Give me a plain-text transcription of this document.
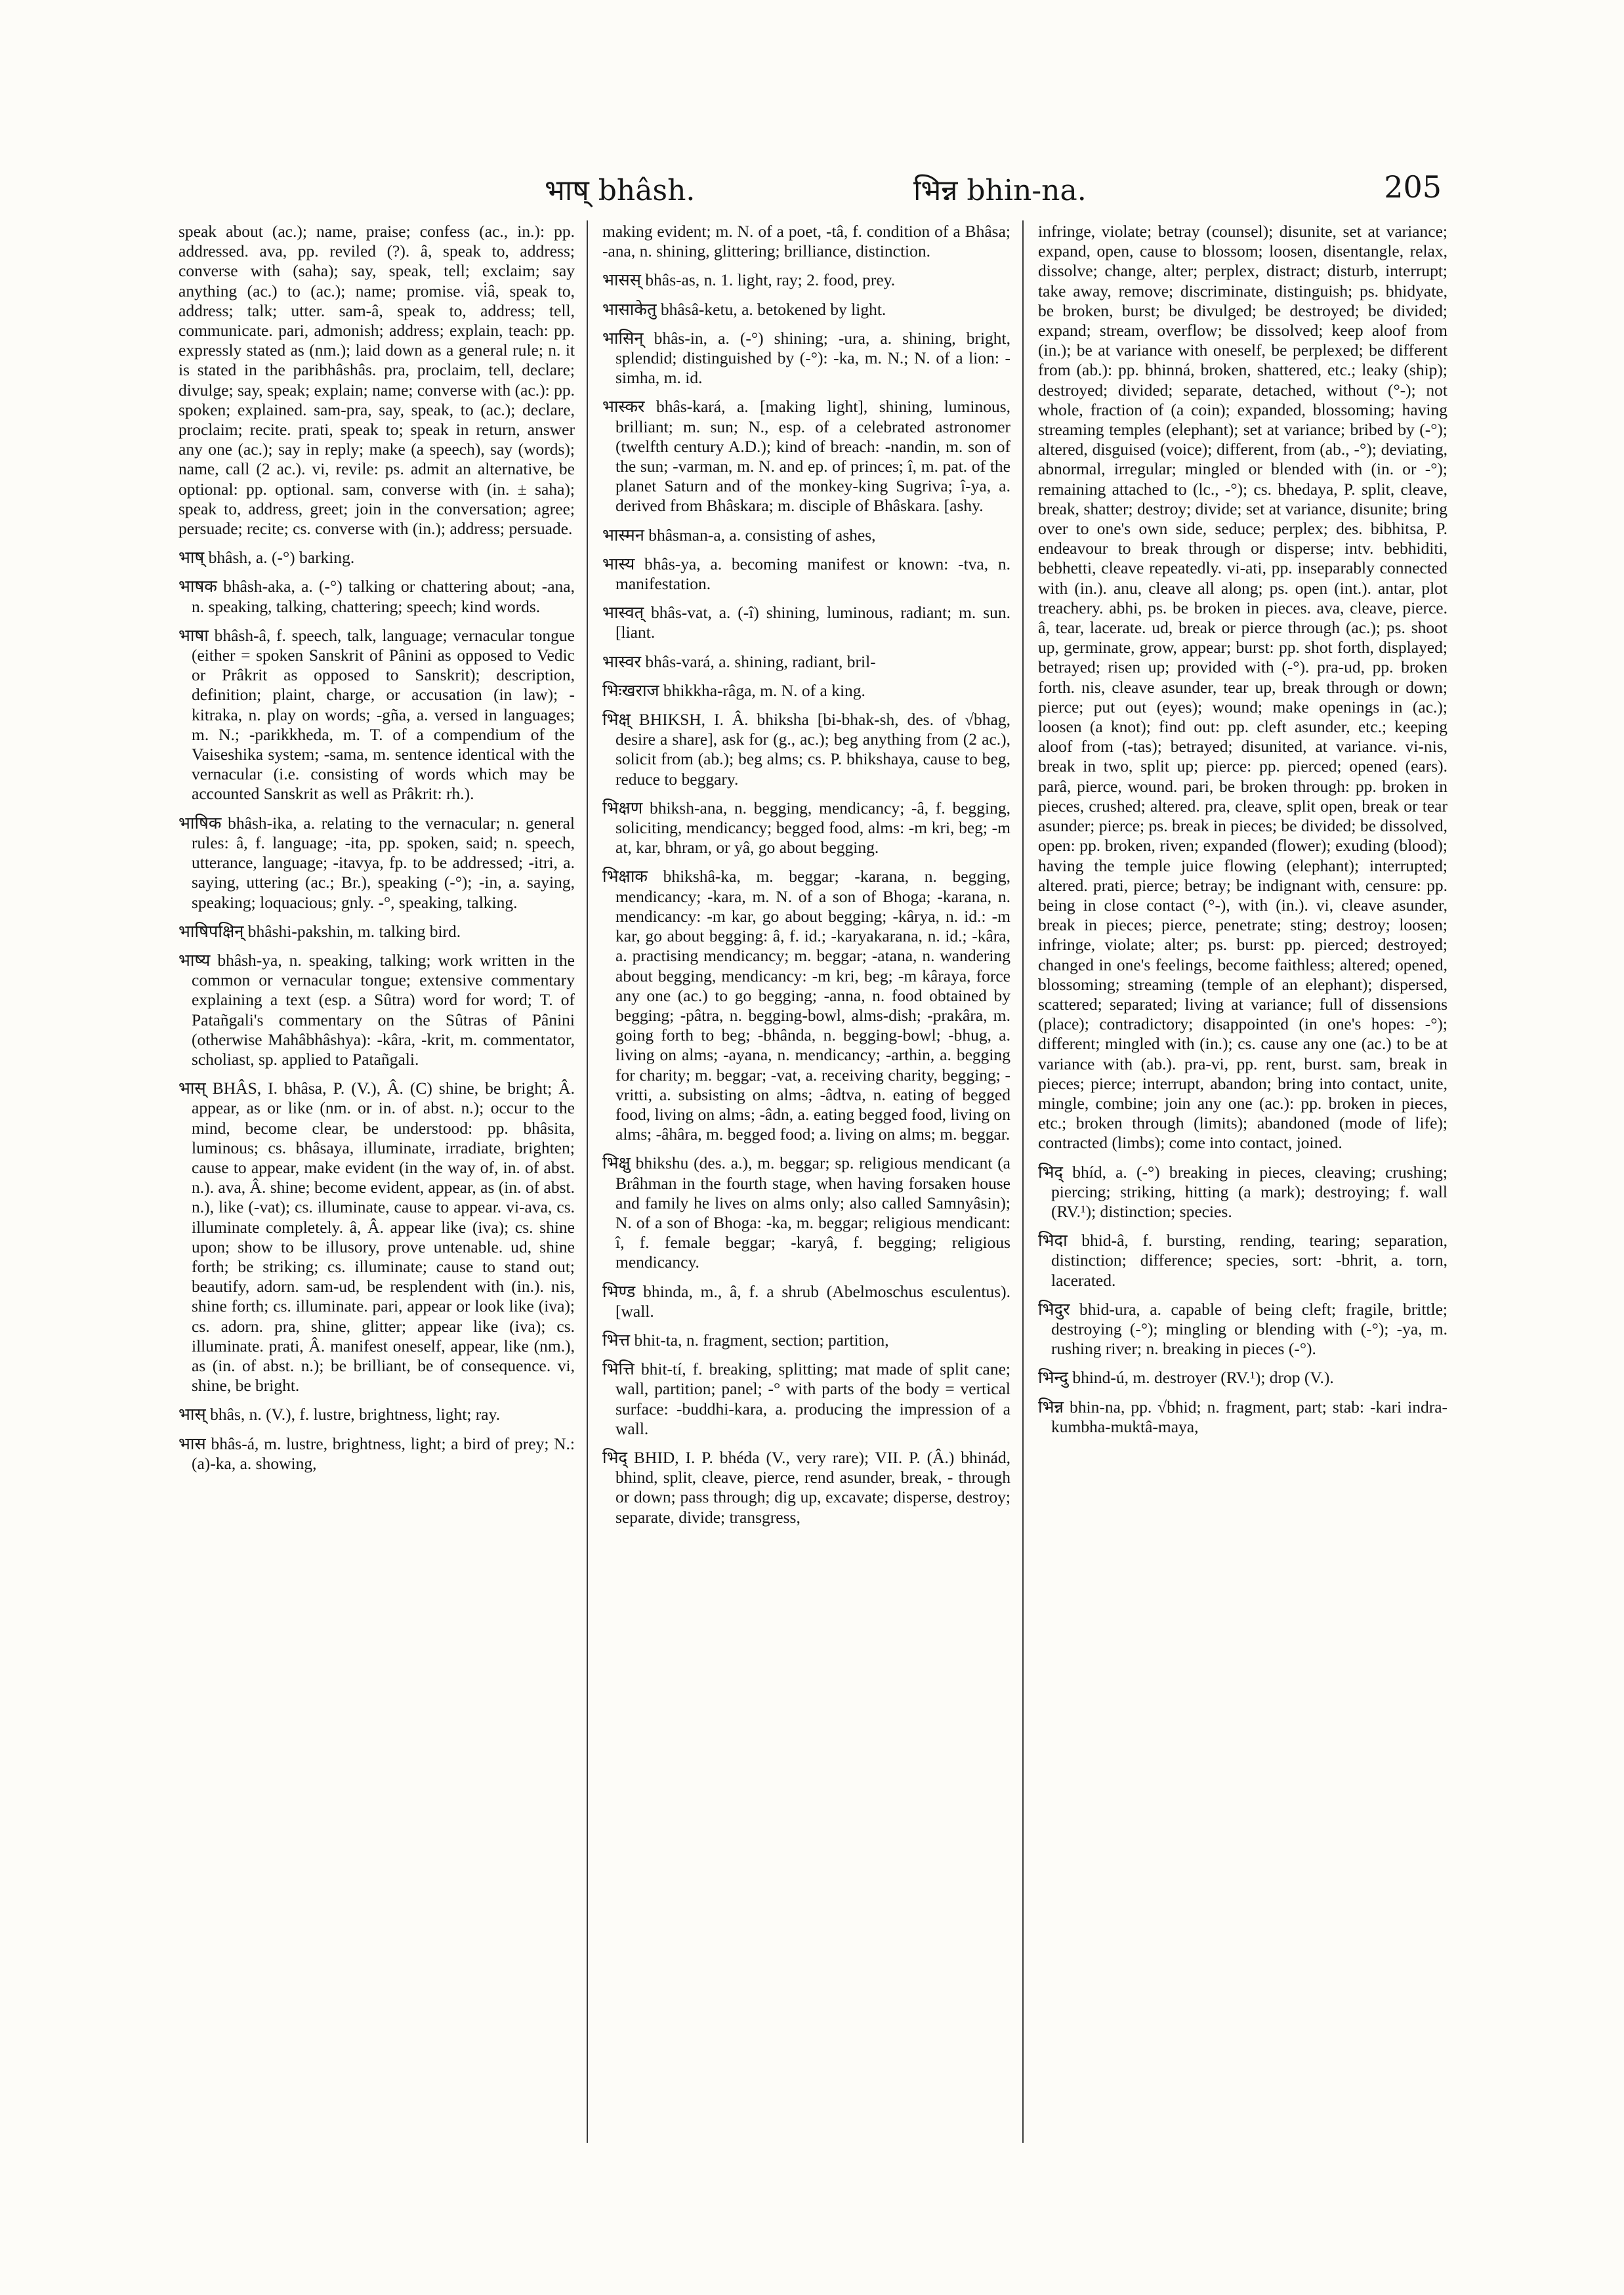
भाष् bhâsh.	भिन्न bhin-na.	205

speak about (ac.); name, praise; confess (ac., in.): pp. addressed. ava, pp. reviled (?). â, speak to, address; converse with (saha); say, speak, tell; exclaim; say anything (ac.) to (ac.); name; promise. vi̇â, speak to, address; talk; utter. sam-â, speak to, address; tell, communicate. pari, admonish; address; explain, teach: pp. expressly stated as (nm.); laid down as a general rule; n. it is stated in the paribhâshâs. pra, proclaim, tell, declare; divulge; say, speak; explain; name; converse with (ac.): pp. spoken; explained. sam-pra, say, speak, to (ac.); declare, proclaim; recite. prati, speak to; speak in return, answer any one (ac.); say in reply; make (a speech), say (words); name, call (2 ac.). vi, revile: ps. admit an alternative, be optional: pp. optional. sam, converse with (in. ± saha); speak to, address, greet; join in the conversation; agree; persuade; recite; cs. converse with (in.); address; persuade.

भाष् bhâsh, a. (-°) barking.

भाषक bhâsh-aka, a. (-°) talking or chattering about; -ana, n. speaking, talking, chattering; speech; kind words.

भाषा bhâsh-â, f. speech, talk, language; vernacular tongue (either = spoken Sanskrit of Pânini as opposed to Vedic or Prâkrit as opposed to Sanskrit); description, definition; plaint, charge, or accusation (in law); -kitraka, n. play on words; -gña, a. versed in languages; m. N.; -parikkheda, m. T. of a compendium of the Vaiseshika system; -sama, m. sentence identical with the vernacular (i.e. consisting of words which may be accounted Sanskrit as well as Prâkrit: rh.).

भाषिक bhâsh-ika, a. relating to the vernacular; n. general rules: â, f. language; -ita, pp. spoken, said; n. speech, utterance, language; -itavya, fp. to be addressed; -itri, a. saying, uttering (ac.; Br.), speaking (-°); -in, a. saying, speaking; loquacious; gnly. -°, speaking, talking.

भाषिपक्षिन् bhâshi-pakshin, m. talking bird.

भाष्य bhâsh-ya, n. speaking, talking; work written in the common or vernacular tongue; extensive commentary explaining a text (esp. a Sûtra) word for word; T. of Patañgali's commentary on the Sûtras of Pânini (otherwise Mahâbhâshya): -kâra, -krit, m. commentator, scholiast, sp. applied to Patañgali.

भास् BHÂS, I. bhâsa, P. (V.), Â. (C) shine, be bright; Â. appear, as or like (nm. or in. of abst. n.); occur to the mind, become clear, be understood: pp. bhâsita, luminous; cs. bhâsaya, illuminate, irradiate, brighten; cause to appear, make evident (in the way of, in. of abst. n.). ava, Â. shine; become evident, appear, as (in. of abst. n.), like (-vat); cs. illuminate, cause to appear. vi-ava, cs. illuminate completely. â, Â. appear like (iva); cs. shine upon; show to be illusory, prove untenable. ud, shine forth; be striking; cs. illuminate; cause to stand out; beautify, adorn. sam-ud, be resplendent with (in.). nis, shine forth; cs. illuminate. pari, appear or look like (iva); cs. adorn. pra, shine, glitter; appear like (iva); cs. illuminate. prati, Â. manifest oneself, appear, like (nm.), as (in. of abst. n.); be brilliant, be of consequence. vi, shine, be bright.

भास् bhâs, n. (V.), f. lustre, brightness, light; ray.

भास bhâs-á, m. lustre, brightness, light; a bird of prey; N.: (a)-ka, a. showing,

making evident; m. N. of a poet, -tâ, f. condition of a Bhâsa; -ana, n. shining, glittering; brilliance, distinction.

भासस् bhâs-as, n. 1. light, ray; 2. food, prey.

भासाकेतु bhâsâ-ketu, a. betokened by light.

भासिन् bhâs-in, a. (-°) shining; -ura, a. shining, bright, splendid; distinguished by (-°): -ka, m. N.; N. of a lion: -simha, m. id.

भास्कर bhâs-kará, a. [making light], shining, luminous, brilliant; m. sun; N., esp. of a celebrated astronomer (twelfth century A.D.); kind of breach: -nandin, m. son of the sun; -varman, m. N. and ep. of princes; î, m. pat. of the planet Saturn and of the monkey-king Sugriva; î-ya, a. derived from Bhâskara; m. disciple of Bhâskara. [ashy.

भास्मन bhâsman-a, a. consisting of ashes,

भास्य bhâs-ya, a. becoming manifest or known: -tva, n. manifestation.

भास्वत् bhâs-vat, a. (-î) shining, luminous, radiant; m. sun. [liant.

भास्वर bhâs-vará, a. shining, radiant, bril-

भिःखराज bhikkha-râga, m. N. of a king.

भिक्ष् BHIKSH, I. Â. bhiksha [bi-bhak-sh, des. of √bhag, desire a share], ask for (g., ac.); beg anything from (2 ac.), solicit from (ab.); beg alms; cs. P. bhikshaya, cause to beg, reduce to beggary.

भिक्षण bhiksh-ana, n. begging, mendicancy; -â, f. begging, soliciting, mendicancy; begged food, alms: -m kri, beg; -m at, kar, bhram, or yâ, go about begging.

भिक्षाक bhikshâ-ka, m. beggar; -karana, n. begging, mendicancy; -kara, m. N. of a son of Bhoga; -karana, n. mendicancy: -m kar, go about begging; -kârya, n. id.: -m kar, go about begging: â, f. id.; -karyakarana, n. id.; -kâra, a. practising mendicancy; m. beggar; -atana, n. wandering about begging, mendicancy: -m kri, beg; -m kâraya, force any one (ac.) to go begging; -anna, n. food obtained by begging; -pâtra, n. begging-bowl, alms-dish; -prakâra, m. going forth to beg; -bhânda, n. begging-bowl; -bhug, a. living on alms; -ayana, n. mendicancy; -arthin, a. begging for charity; m. beggar; -vat, a. receiving charity, begging; -vritti, a. subsisting on alms; -âdtva, n. eating of begged food, living on alms; -âdn, a. eating begged food, living on alms; -âhâra, m. begged food; a. living on alms; m. beggar.

भिक्षु bhikshu (des. a.), m. beggar; sp. religious mendicant (a Brâhman in the fourth stage, when having forsaken house and family he lives on alms only; also called Samnyâsin); N. of a son of Bhoga: -ka, m. beggar; religious mendicant: î, f. female beggar; -karyâ, f. begging; religious mendicancy.

भिण्ड bhinda, m., â, f. a shrub (Abelmoschus esculentus). [wall.

भित्त bhit-ta, n. fragment, section; partition,

भित्ति bhit-tí, f. breaking, splitting; mat made of split cane; wall, partition; panel; -° with parts of the body = vertical surface: -buddhi-kara, a. producing the impression of a wall.

भिद् BHID, I. P. bhéda (V., very rare); VII. P. (Â.) bhinád, bhind, split, cleave, pierce, rend asunder, break, - through or down; pass through; dig up, excavate; disperse, destroy; separate, divide; transgress,

infringe, violate; betray (counsel); disunite, set at variance; expand, open, cause to blossom; loosen, disentangle, relax, dissolve; change, alter; perplex, distract; disturb, interrupt; take away, remove; discriminate, distinguish; ps. bhidyate, be broken, burst; be divulged; be destroyed; be divided; expand; stream, overflow; be dissolved; keep aloof from (in.); be at variance with oneself, be perplexed; be different from (ab.): pp. bhinná, broken, shattered, etc.; leaky (ship); destroyed; divided; separate, detached, without (°-); not whole, fraction of (a coin); expanded, blossoming; having streaming temples (elephant); set at variance; bribed by (-°); altered, disguised (voice); different, from (ab., -°); deviating, abnormal, irregular; mingled or blended with (in. or -°); remaining attached to (lc., -°); cs. bhedaya, P. split, cleave, break, shatter; destroy; divide; set at variance, disunite; bring over to one's own side, seduce; perplex; des. bibhitsa, P. endeavour to break through or disperse; intv. bebhiditi, bebhetti, cleave repeatedly. vi-ati, pp. inseparably connected with (in.). anu, cleave all along; ps. open (int.). antar, plot treachery. abhi, ps. be broken in pieces. ava, cleave, pierce. â, tear, lacerate. ud, break or pierce through (ac.); ps. shoot up, germinate, grow, appear; burst: pp. shot forth, displayed; betrayed; risen up; provided with (-°). pra-ud, pp. broken forth. nis, cleave asunder, tear up, break through or down; pierce; put out (eyes); wound; make openings in (ac.); loosen (a knot); find out: pp. cleft asunder, etc.; keeping aloof from (-tas); betrayed; disunited, at variance. vi-nis, break in two, split up; pierce: pp. pierced; opened (ears). parâ, pierce, wound. pari, be broken through: pp. broken in pieces, crushed; altered. pra, cleave, split open, break or tear asunder; pierce; ps. break in pieces; be divided; be dissolved, open: pp. broken, riven; expanded (flower); exuding (blood); having the temple juice flowing (elephant); interrupted; altered. prati, pierce; betray; be indignant with, censure: pp. being in close contact (°-), with (in.). vi, cleave asunder, break in pieces; pierce, penetrate; sting; destroy; loosen; infringe, violate; alter; ps. burst: pp. pierced; destroyed; changed in one's feelings, become faithless; altered; opened, blossoming; streaming (temple of an elephant); dispersed, scattered; separated; living at variance; full of dissensions (place); contradictory; disappointed (in one's hopes: -°); different; mingled with (in.); cs. cause any one (ac.) to be at variance with (ab.). pra-vi, pp. rent, burst. sam, break in pieces; pierce; interrupt, abandon; bring into contact, unite, mingle, combine; join any one (ac.): pp. broken in pieces, etc.; broken through (limits); abandoned (mode of life); contracted (limbs); come into contact, joined.

भिद् bhíd, a. (-°) breaking in pieces, cleaving; crushing; piercing; striking, hitting (a mark); destroying; f. wall (RV.¹); distinction; species.

भिदा bhid-â, f. bursting, rending, tearing; separation, distinction; difference; species, sort: -bhrit, a. torn, lacerated.

भिदुर bhid-ura, a. capable of being cleft; fragile, brittle; destroying (-°); mingling or blending with (-°); -ya, m. rushing river; n. breaking in pieces (-°).

भिन्दु bhind-ú, m. destroyer (RV.¹); drop (V.).

भिन्न bhin-na, pp. √bhid; n. fragment, part; stab: -kari indra-kumbha-muktâ-maya,
